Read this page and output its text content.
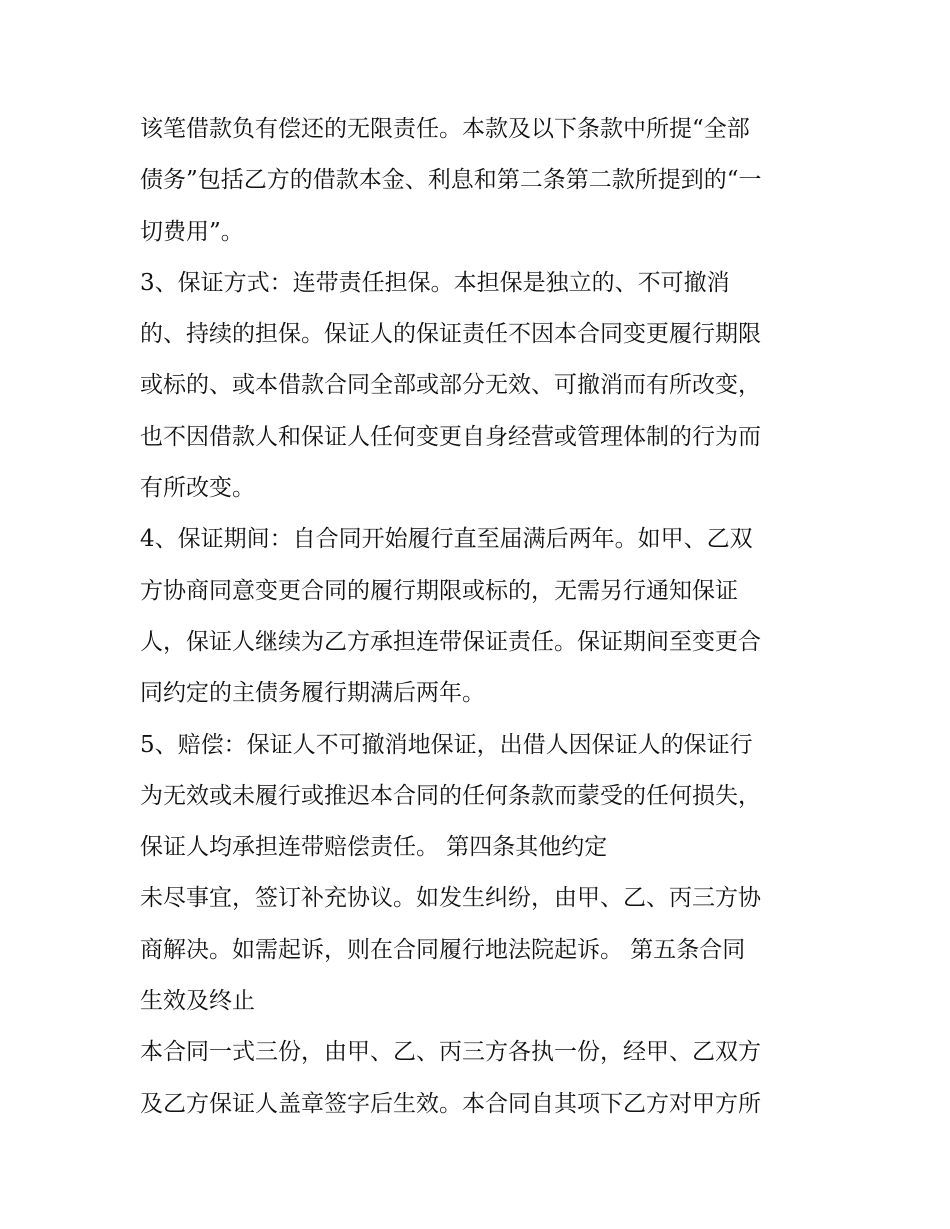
该笔借款负有偿还的无限责任。本款及以下条款中所提“全部
债务”包括乙方的借款本金、利息和第二条第二款所提到的“一
切费用”。
3、保证方式：连带责任担保。本担保是独立的、不可撤消
的、持续的担保。保证人的保证责任不因本合同变更履行期限
或标的、或本借款合同全部或部分无效、可撤消而有所改变，
也不因借款人和保证人任何变更自身经营或管理体制的行为而
有所改变。
4、保证期间：自合同开始履行直至届满后两年。如甲、乙双
方协商同意变更合同的履行期限或标的，无需另行通知保证
人，保证人继续为乙方承担连带保证责任。保证期间至变更合
同约定的主债务履行期满后两年。
5、赔偿：保证人不可撤消地保证，出借人因保证人的保证行
为无效或未履行或推迟本合同的任何条款而蒙受的任何损失，
保证人均承担连带赔偿责任。 第四条其他约定
未尽事宜，签订补充协议。如发生纠纷，由甲、乙、丙三方协
商解决。如需起诉，则在合同履行地法院起诉。 第五条合同
生效及终止
本合同一式三份，由甲、乙、丙三方各执一份，经甲、乙双方
及乙方保证人盖章签字后生效。本合同自其项下乙方对甲方所
